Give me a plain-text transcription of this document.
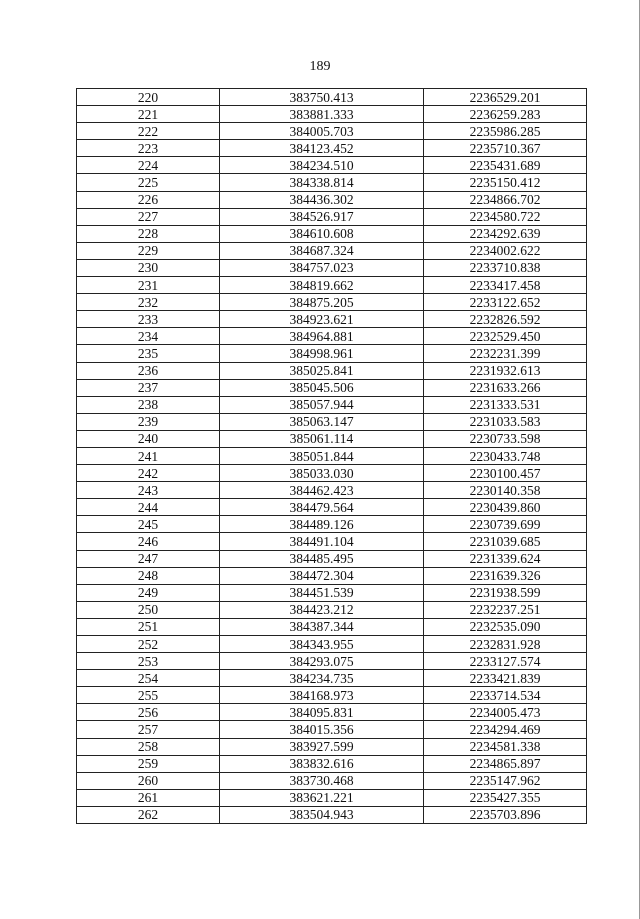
189
220	383750.413	2236529.201
221	383881.333	2236259.283
222	384005.703	2235986.285
223	384123.452	2235710.367
224	384234.510	2235431.689
225	384338.814	2235150.412
226	384436.302	2234866.702
227	384526.917	2234580.722
228	384610.608	2234292.639
229	384687.324	2234002.622
230	384757.023	2233710.838
231	384819.662	2233417.458
232	384875.205	2233122.652
233	384923.621	2232826.592
234	384964.881	2232529.450
235	384998.961	2232231.399
236	385025.841	2231932.613
237	385045.506	2231633.266
238	385057.944	2231333.531
239	385063.147	2231033.583
240	385061.114	2230733.598
241	385051.844	2230433.748
242	385033.030	2230100.457
243	384462.423	2230140.358
244	384479.564	2230439.860
245	384489.126	2230739.699
246	384491.104	2231039.685
247	384485.495	2231339.624
248	384472.304	2231639.326
249	384451.539	2231938.599
250	384423.212	2232237.251
251	384387.344	2232535.090
252	384343.955	2232831.928
253	384293.075	2233127.574
254	384234.735	2233421.839
255	384168.973	2233714.534
256	384095.831	2234005.473
257	384015.356	2234294.469
258	383927.599	2234581.338
259	383832.616	2234865.897
260	383730.468	2235147.962
261	383621.221	2235427.355
262	383504.943	2235703.896
